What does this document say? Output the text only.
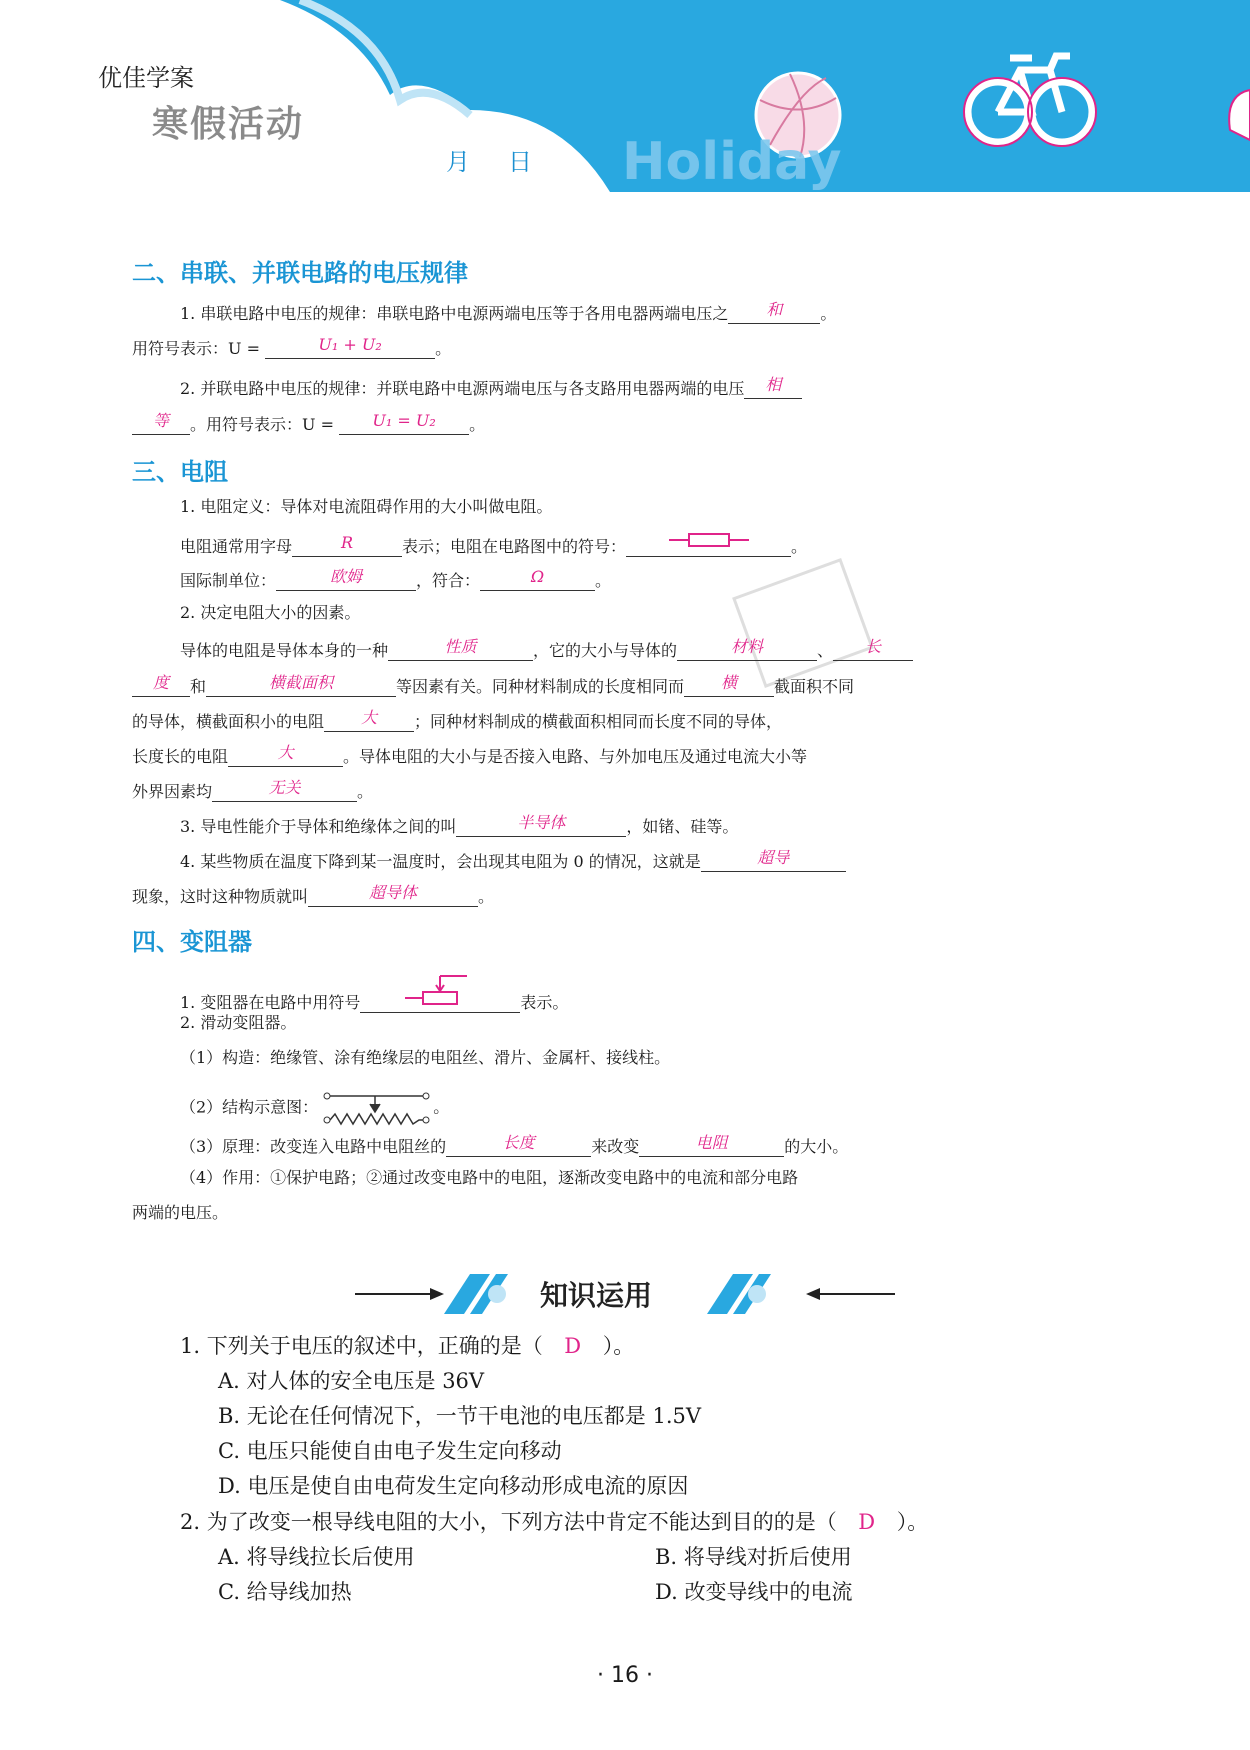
优佳学案
寒假活动
月 日	Holiday
二、串联、并联电路的电压规律
1. 串联电路中电压的规律：串联电路中电源两端电压等于各用电器两端电压之 和 。
用符号表示：U =	U₁ + U₂	。
2. 并联电路中电压的规律：并联电路中电源两端电压与各支路用电器两端的电压 相
等 。用符号表示：U = U₁ = U₂ 。
三、电阻
1. 电阻定义：导体对电流阻碍作用的大小叫做电阻。
电阻通常用字母	R	表示；电阻在电路图中的符号：	。
国际制单位：	欧姆	，符合：	Ω	。
2. 决定电阻大小的因素。
导体的电阻是导体本身的一种	性质	，它的大小与导体的	材料	、 长
度 和	横截面积	等因素有关。同种材料制成的长度相同而 横 截面积不同
的导体，横截面积小的电阻 大 ；同种材料制成的横截面积相同而长度不同的导体，
长度长的电阻	大	。导体电阻的大小与是否接入电路、与外加电压及通过电流大小等
外界因素均	无关	。
3. 导电性能介于导体和绝缘体之间的叫	半导体	，如锗、硅等。
4. 某些物质在温度下降到某一温度时，会出现其电阻为 0 的情况，这就是	超导
现象，这时这种物质就叫	超导体	。
四、变阻器
1. 变阻器在电路中用符号	表示。
2. 滑动变阻器。
（1）构造：绝缘管、涂有绝缘层的电阻丝、滑片、金属杆、接线柱。
（2）结构示意图：	。
（3）原理：改变连入电路中电阻丝的	长度	来改变	电阻	的大小。
（4）作用：①保护电路；②通过改变电路中的电阻，逐渐改变电路中的电流和部分电路
两端的电压。
知识运用
1. 下列关于电压的叙述中，正确的是（ D ）。
A. 对人体的安全电压是 36V
B. 无论在任何情况下，一节干电池的电压都是 1.5V
C. 电压只能使自由电子发生定向移动
D. 电压是使自由电荷发生定向移动形成电流的原因
2. 为了改变一根导线电阻的大小，下列方法中肯定不能达到目的的是（ D ）。
A. 将导线拉长后使用	B. 将导线对折后使用
C. 给导线加热	D. 改变导线中的电流
· 16 ·
